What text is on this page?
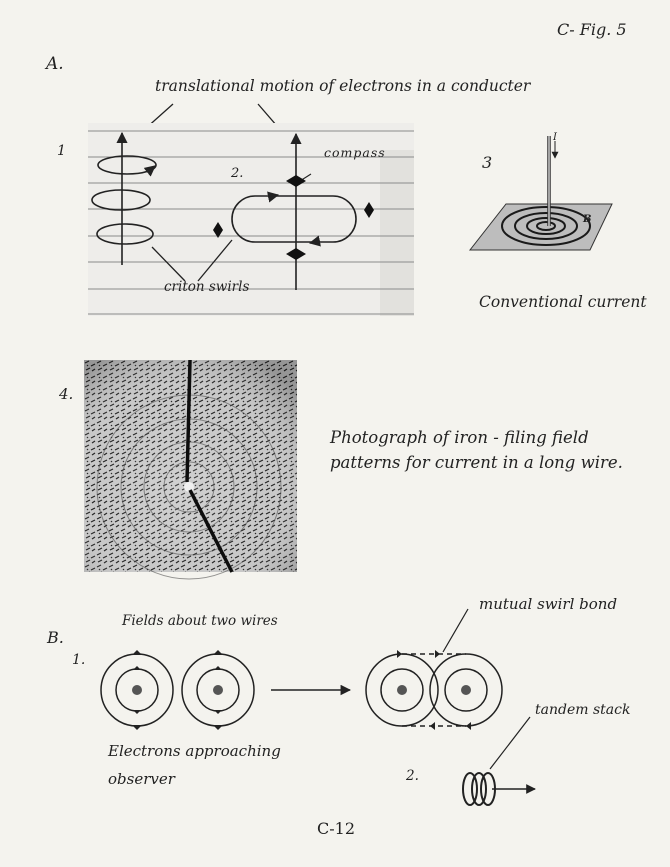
C- Fig. 5
A.
translational motion of electrons in a conducter
1	compass
2.
criton swirls
3
I
B
Conventional current
4.
Photograph of iron - filing field
patterns for current in a long wire.
Fields about two wires
B.
1.
mutual swirl bond
tandem stack
Electrons approaching
observer	2.
C-12
